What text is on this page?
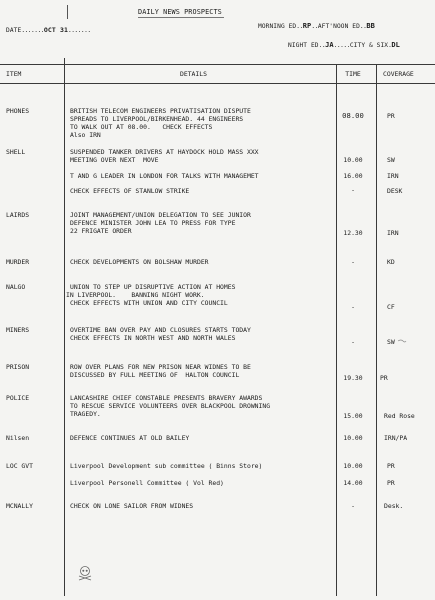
DAILY NEWS PROSPECTS
DATE.......OCT 31.......
MORNING ED..RP..AFT'NOON ED..BB
NIGHT ED..JA.....CITY & SIX.DL
ITEM	DETAILS	TIME	COVERAGE
PHONES	BRITISH TELECOM ENGINEERS PRIVATISATION DISPUTE
SPREADS TO LIVERPOOL/BIRKENHEAD. 44 ENGINEERS
TO WALK OUT AT 08.00.   CHECK EFFECTS
Also IRN
08.00	PR
SHELL	SUSPENDED TANKER DRIVERS AT HAYDOCK HOLD MASS XXX
MEETING OVER NEXT  MOVE	10.00	SW
T AND G LEADER IN LONDON FOR TALKS WITH MANAGEMET	16.00	IRN
CHECK EFFECTS OF STANLOW STRIKE	-	DESK
LAIRDS	JOINT MANAGEMENT/UNION DELEGATION TO SEE JUNIOR
DEFENCE MINISTER JOHN LEA TO PRESS FOR TYPE
22 FRIGATE ORDER	12.30	IRN
MURDER	CHECK DEVELOPMENTS ON BOLSHAW MURDER	-	KD
NALGO	UNION TO STEP UP DISRUPTIVE ACTION AT HOMES
IN LIVERPOOL.    BANNING NIGHT WORK.
CHECK EFFECTS WITH UNION AND CITY COUNCIL	-	CF
MINERS	OVERTIME BAN OVER PAY AND CLOSURES STARTS TODAY
CHECK EFFECTS IN NORTH WEST AND NORTH WALES	-	SW
PRISON	ROW OVER PLANS FOR NEW PRISON NEAR WIDNES TO BE
DISCUSSED BY FULL MEETING OF  HALTON COUNCIL	19.30	PR
POLICE	LANCASHIRE CHIEF CONSTABLE PRESENTS BRAVERY AWARDS
TO RESCUE SERVICE VOLUNTEERS OVER BLACKPOOL DROWNING
TRAGEDY.	15.00	Red Rose
Nilsen	DEFENCE CONTINUES AT OLD BAILEY	10.00	IRN/PA
LOC GVT	Liverpool Development sub committee ( Binns Store)	10.00	PR
Liverpool Personell Committee ( Vol Red)	14.00	PR
MCNALLY	CHECK ON LONE SAILOR FROM WIDNES	-	Desk.
